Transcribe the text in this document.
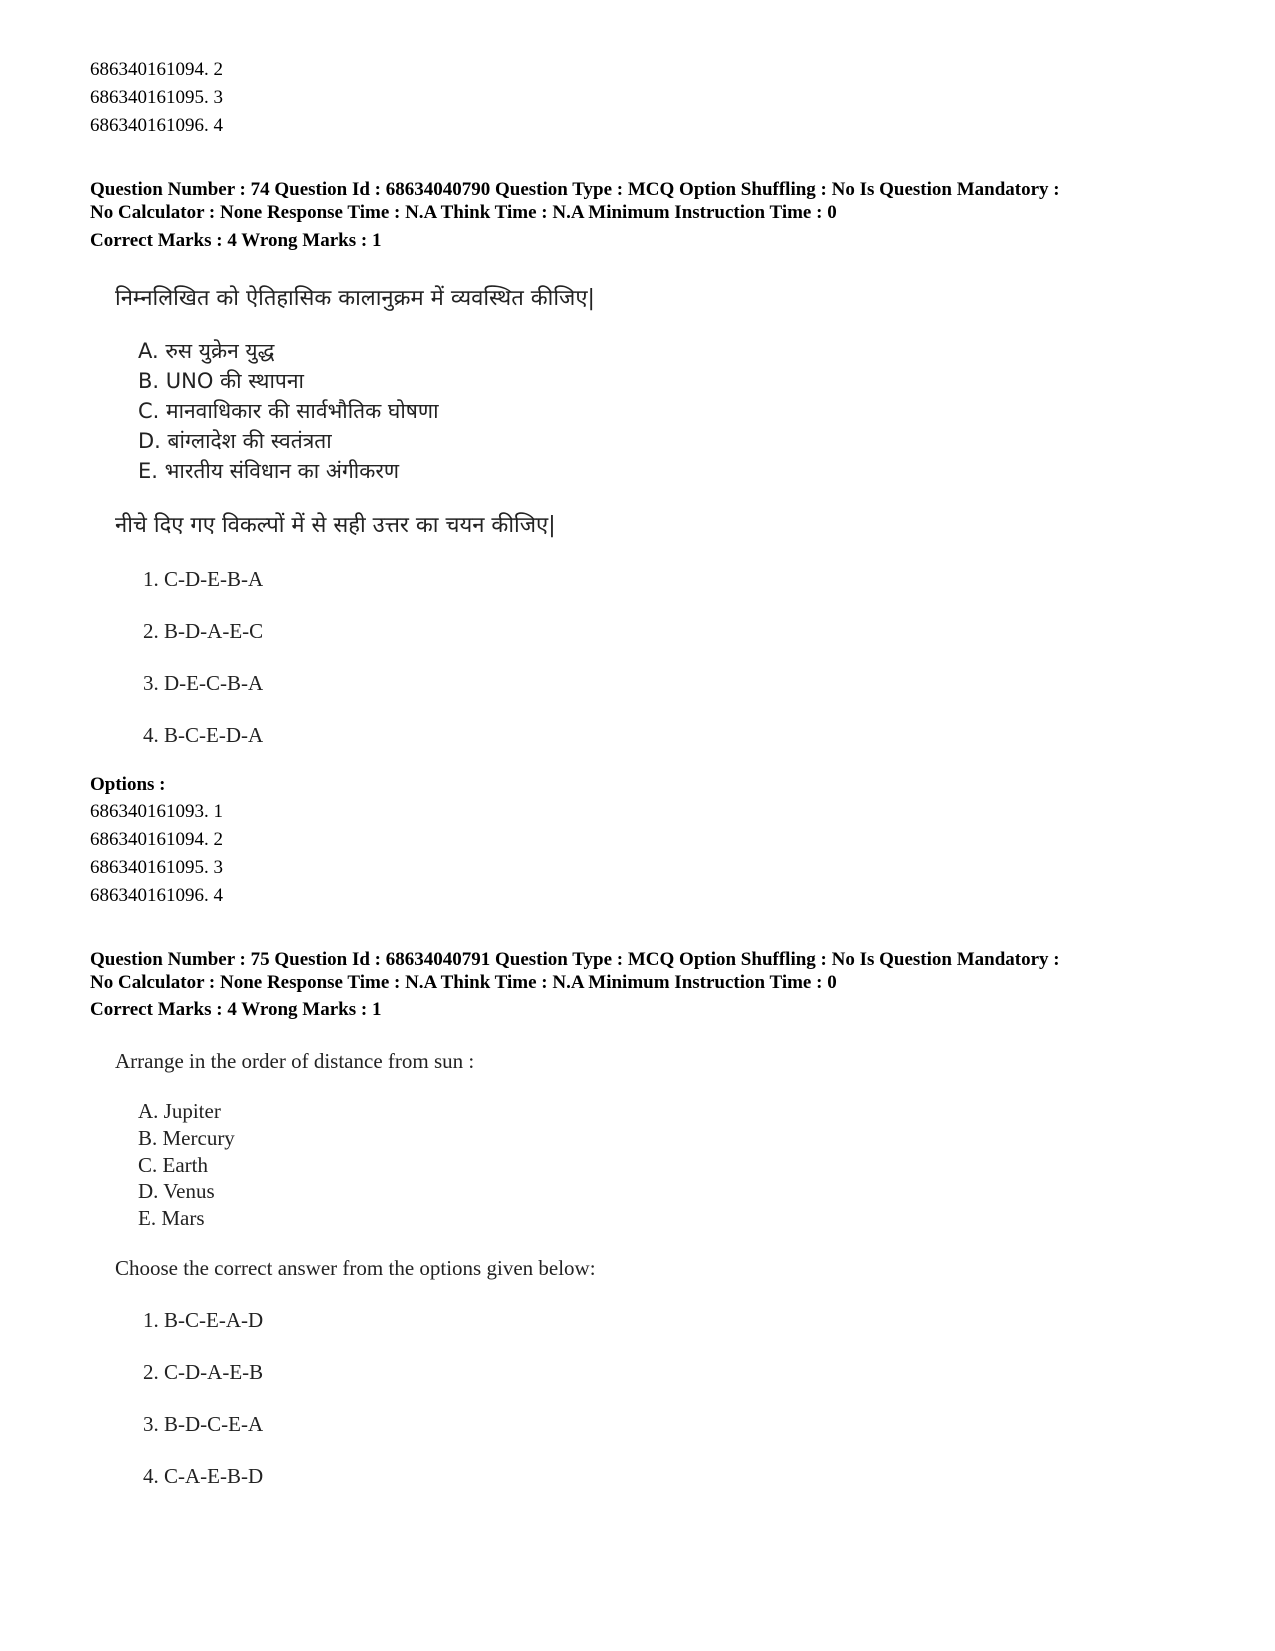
686340161094. 2
686340161095. 3
686340161096. 4
Question Number : 74 Question Id : 68634040790 Question Type : MCQ Option Shuffling : No Is Question Mandatory :
No Calculator : None Response Time : N.A Think Time : N.A Minimum Instruction Time : 0
Correct Marks : 4 Wrong Marks : 1
निम्नलिखित को ऐतिहासिक कालानुक्रम में व्यवस्थित कीजिए|
A. रुस युक्रेन युद्ध
B. UNO की स्थापना
C. मानवाधिकार की सार्वभौतिक घोषणा
D. बांग्लादेश की स्वतंत्रता
E. भारतीय संविधान का अंगीकरण
नीचे दिए गए विकल्पों में से सही उत्तर का चयन कीजिए|
1. C-D-E-B-A
2. B-D-A-E-C
3. D-E-C-B-A
4. B-C-E-D-A
Options :
686340161093. 1
686340161094. 2
686340161095. 3
686340161096. 4
Question Number : 75 Question Id : 68634040791 Question Type : MCQ Option Shuffling : No Is Question Mandatory :
No Calculator : None Response Time : N.A Think Time : N.A Minimum Instruction Time : 0
Correct Marks : 4 Wrong Marks : 1
Arrange in the order of distance from sun :
A. Jupiter
B. Mercury
C. Earth
D. Venus
E. Mars
Choose the correct answer from the options given below:
1. B-C-E-A-D
2. C-D-A-E-B
3. B-D-C-E-A
4. C-A-E-B-D
